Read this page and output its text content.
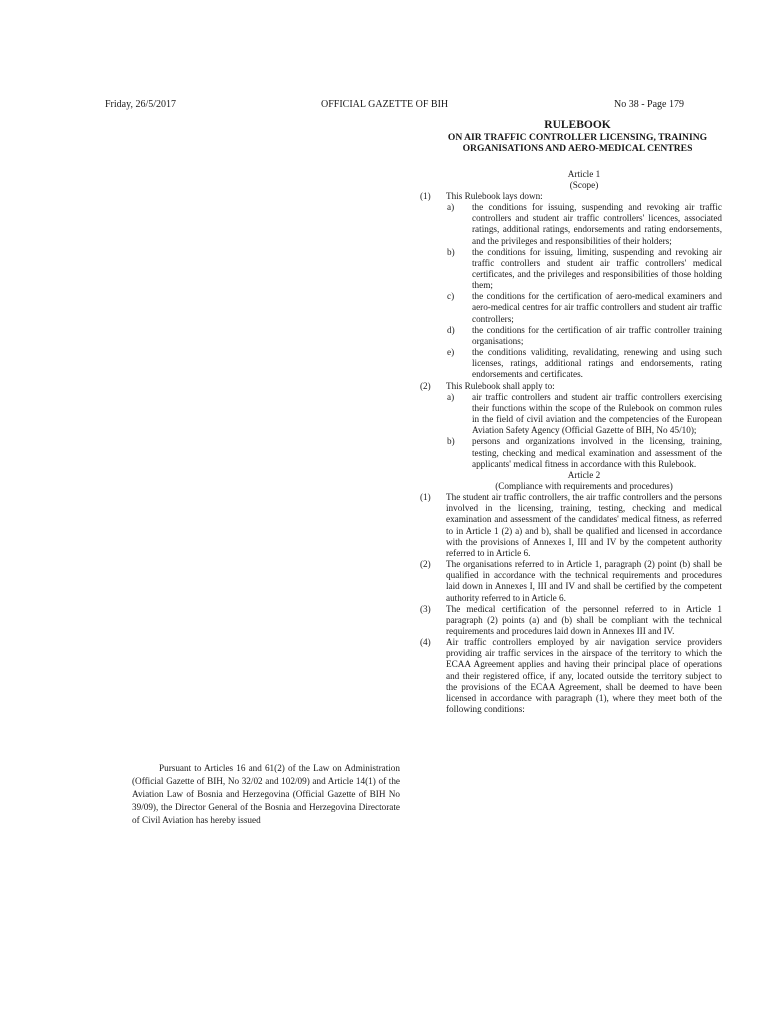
Friday, 26/5/2017	OFFICIAL GAZETTE OF BIH	No 38 - Page 179
Pursuant to Articles 16 and 61(2) of the Law on Administration (Official Gazette of BIH, No 32/02 and 102/09) and Article 14(1) of the Aviation Law of Bosnia and Herzegovina (Official Gazette of BIH No 39/09), the Director General of the Bosnia and Herzegovina Directorate of Civil Aviation has hereby issued
RULEBOOK
ON AIR TRAFFIC CONTROLLER LICENSING, TRAINING
ORGANISATIONS AND AERO-MEDICAL CENTRES
Article 1
(Scope)
(1) This Rulebook lays down:
a) the conditions for issuing, suspending and revoking air traffic controllers and student air traffic controllers' licences, associated ratings, additional ratings, endorsements and rating endorsements, and the privileges and responsibilities of their holders;
b) the conditions for issuing, limiting, suspending and revoking air traffic controllers and student air traffic controllers' medical certificates, and the privileges and responsibilities of those holding them;
c) the conditions for the certification of aero-medical examiners and aero-medical centres for air traffic controllers and student air traffic controllers;
d) the conditions for the certification of air traffic controller training organisations;
e) the conditions validiting, revalidating, renewing and using such licenses, ratings, additional ratings and endorsements, rating endorsements and certificates.
(2) This Rulebook shall apply to:
a) air traffic controllers and student air traffic controllers exercising their functions within the scope of the Rulebook on common rules in the field of civil aviation and the competencies of the European Aviation Safety Agency (Official Gazette of BIH, No 45/10);
b) persons and organizations involved in the licensing, training, testing, checking and medical examination and assessment of the applicants' medical fitness in accordance with this Rulebook.
Article 2
(Compliance with requirements and procedures)
(1) The student air traffic controllers, the air traffic controllers and the persons involved in the licensing, training, testing, checking and medical examination and assessment of the candidates' medical fitness, as referred to in Article 1 (2) a) and b), shall be qualified and licensed in accordance with the provisions of Annexes I, III and IV by the competent authority referred to in Article 6.
(2) The organisations referred to in Article 1, paragraph (2) point (b) shall be qualified in accordance with the technical requirements and procedures laid down in Annexes I, III and IV and shall be certified by the competent authority referred to in Article 6.
(3) The medical certification of the personnel referred to in Article 1 paragraph (2) points (a) and (b) shall be compliant with the technical requirements and procedures laid down in Annexes III and IV.
(4) Air traffic controllers employed by air navigation service providers providing air traffic services in the airspace of the territory to which the ECAA Agreement applies and having their principal place of operations and their registered office, if any, located outside the territory subject to the provisions of the ECAA Agreement, shall be deemed to have been licensed in accordance with paragraph (1), where they meet both of the following conditions:
